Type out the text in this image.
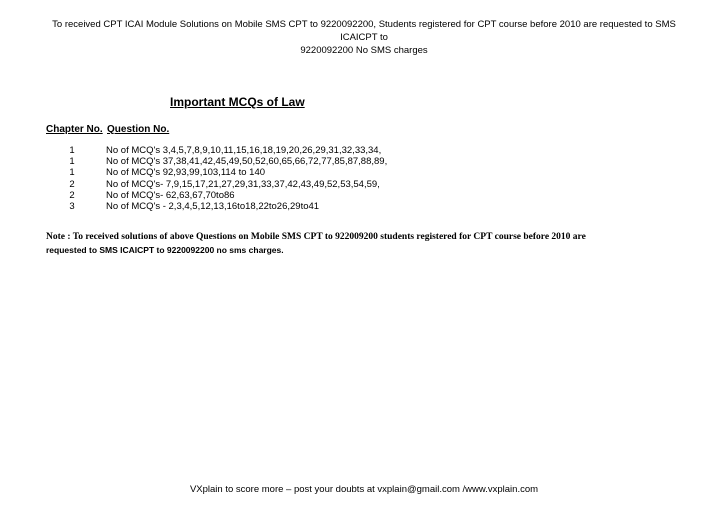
To received CPT ICAI Module Solutions on Mobile SMS CPT to 9220092200, Students registered for CPT course before 2010 are requested to SMS ICAICPT to
9220092200 No SMS charges
Important MCQs of Law
Chapter No. Question No.
1	No of MCQ's 3,4,5,7,8,9,10,11,15,16,18,19,20,26,29,31,32,33,34,
1	No of MCQ's 37,38,41,42,45,49,50,52,60,65,66,72,77,85,87,88,89,
1	No of MCQ's 92,93,99,103,114 to 140
2	No of MCQ's- 7,9,15,17,21,27,29,31,33,37,42,43,49,52,53,54,59,
2	No of MCQ's- 62,63,67,70to86
3	No of MCQ's - 2,3,4,5,12,13,16to18,22to26,29to41
Note : To received solutions of above Questions on Mobile SMS CPT to 922009200 students registered for CPT course before 2010 are
requested to SMS ICAICPT to 9220092200 no sms charges.
VXplain to score more – post your doubts at vxplain@gmail.com /www.vxplain.com
